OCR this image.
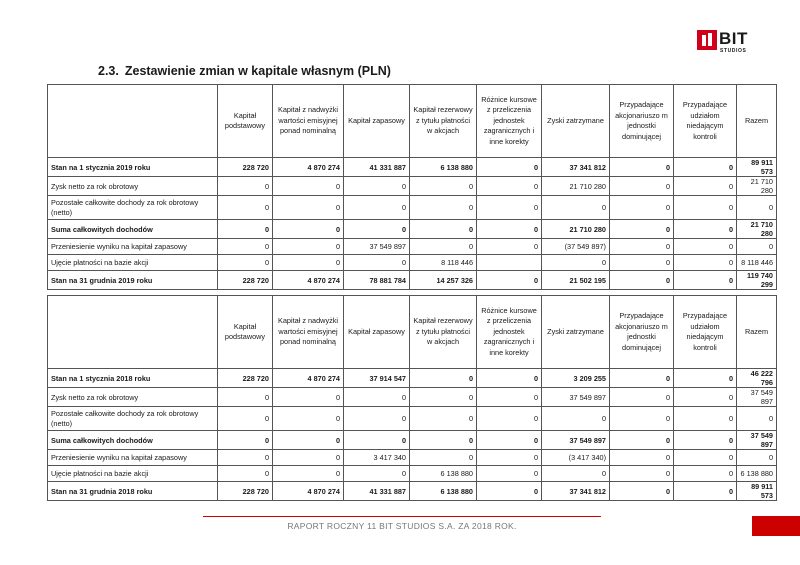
BIT
STUDIOS
2.3. Zestawienie zmian w kapitale własnym (PLN)
	Kapitał podstawowy	Kapitał z nadwyżki wartości emisyjnej ponad nominalną	Kapitał zapasowy	Kapitał rezerwowy z tytułu płatności w akcjach	Różnice kursowe z przeliczenia jednostek zagranicznych i inne korekty	Zyski zatrzymane	Przypadające akcjonariuszo m jednostki dominującej	Przypadające udziałom niedającym kontroli	Razem
Stan na 1 stycznia 2019 roku	228 720	4 870 274	41 331 887	6 138 880	0	37 341 812	0	0	89 911 573
Zysk netto za rok obrotowy	0	0	0	0	0	21 710 280	0	0	21 710 280
Pozostałe całkowite dochody za rok obrotowy (netto)	0	0	0	0	0	0	0	0	0
Suma całkowitych dochodów	0	0	0	0	0	21 710 280	0	0	21 710 280
Przeniesienie wyniku na kapitał zapasowy	0	0	37 549 897	0	0	(37 549 897)	0	0	0
Ujęcie płatności na bazie akcji	0	0	0	8 118 446		0	0	0	8 118 446
Stan na 31 grudnia 2019 roku	228 720	4 870 274	78 881 784	14 257 326	0	21 502 195	0	0	119 740 299
	Kapitał podstawowy	Kapitał z nadwyżki wartości emisyjnej ponad nominalną	Kapitał zapasowy	Kapitał rezerwowy z tytułu płatności w akcjach	Różnice kursowe z przeliczenia jednostek zagranicznych i inne korekty	Zyski zatrzymane	Przypadające akcjonariuszo m jednostki dominującej	Przypadające udziałom niedającym kontroli	Razem
Stan na 1 stycznia 2018 roku	228 720	4 870 274	37 914 547	0	0	3 209 255	0	0	46 222 796
Zysk netto za rok obrotowy	0	0	0	0	0	37 549 897	0	0	37 549 897
Pozostałe całkowite dochody za rok obrotowy (netto)	0	0	0	0	0	0	0	0	0
Suma całkowitych dochodów	0	0	0	0	0	37 549 897	0	0	37 549 897
Przeniesienie wyniku na kapitał zapasowy	0	0	3 417 340	0	0	(3 417 340)	0	0	0
Ujęcie płatności na bazie akcji	0	0	0	6 138 880	0	0	0	0	6 138 880
Stan na 31 grudnia 2018 roku	228 720	4 870 274	41 331 887	6 138 880	0	37 341 812	0	0	89 911 573
RAPORT ROCZNY 11 BIT STUDIOS S.A. ZA 2018 ROK.
